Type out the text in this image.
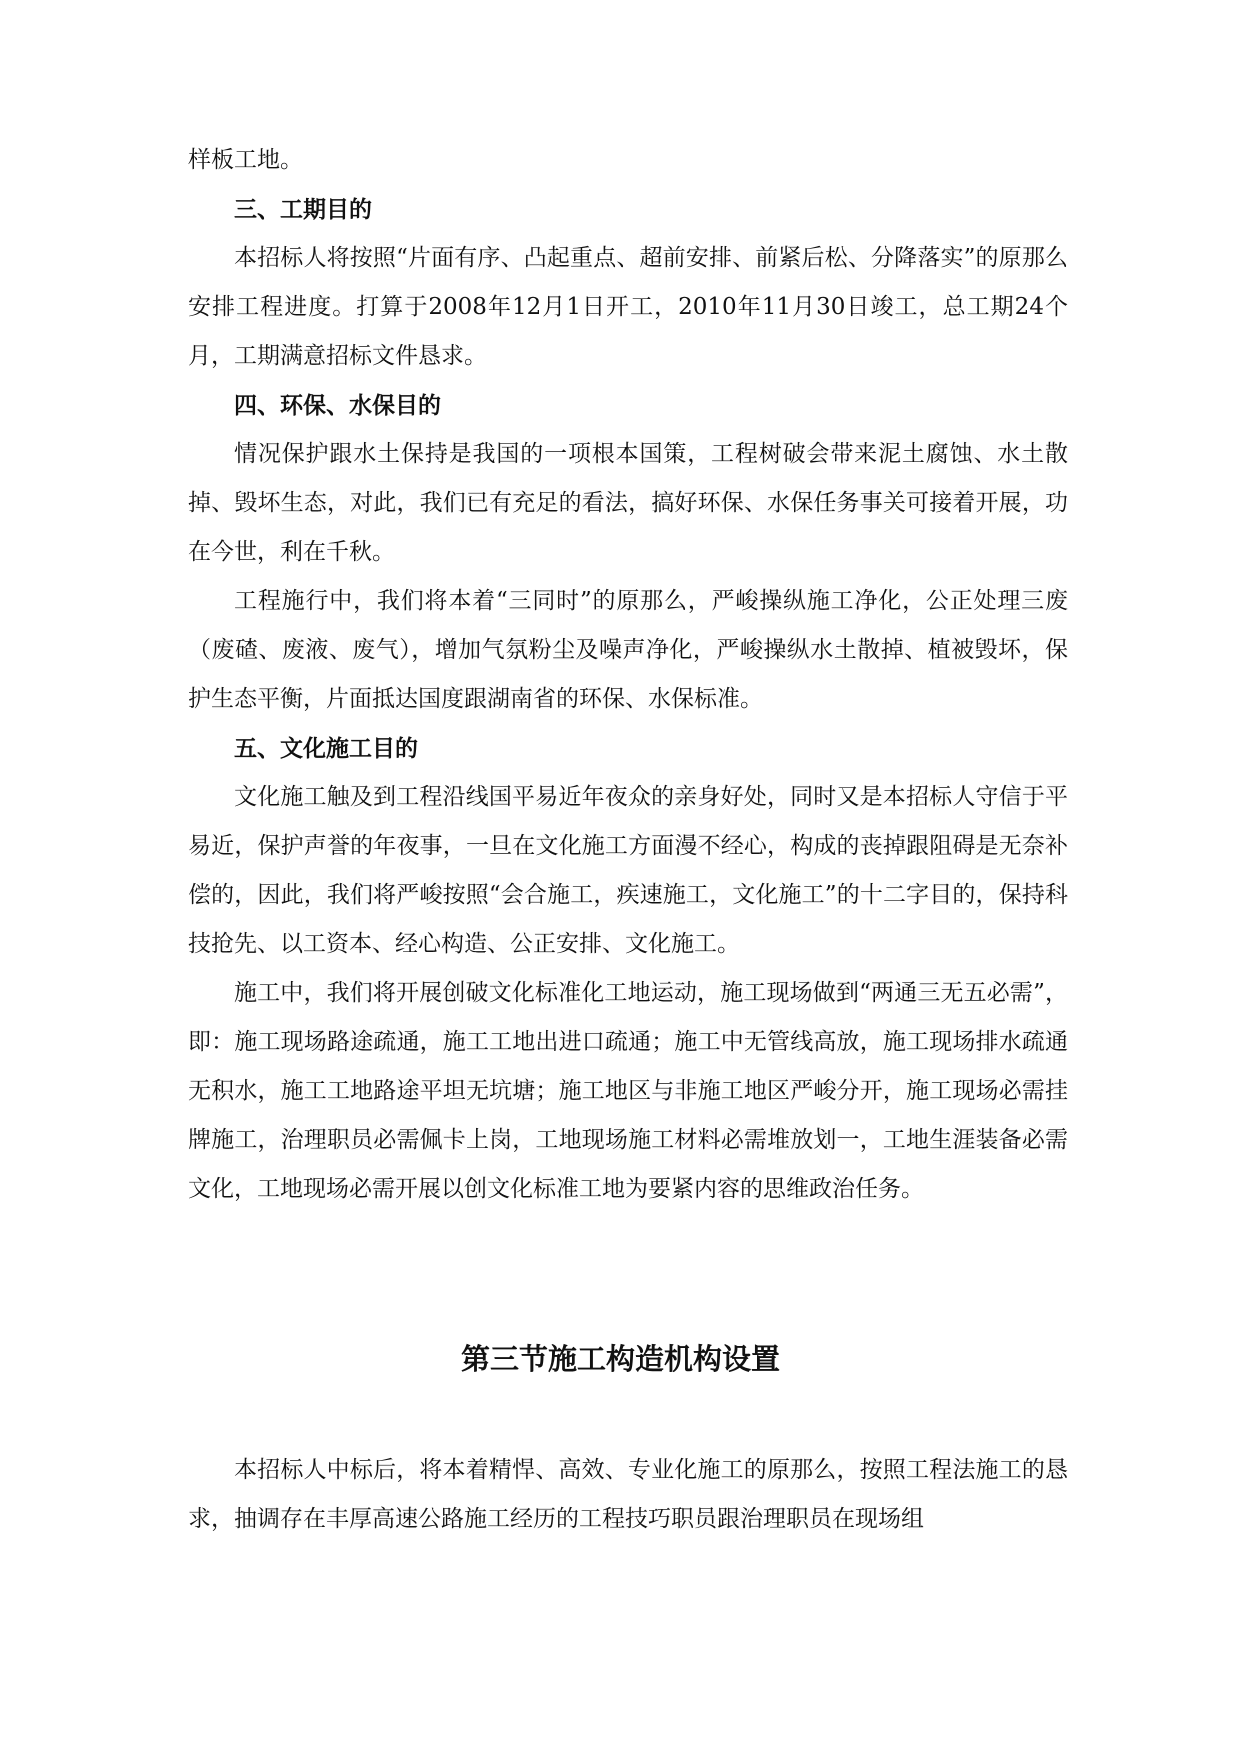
样板工地。

三、工期目的

本招标人将按照“片面有序、凸起重点、超前安排、前紧后松、分降落实”的原那么安排工程进度。打算于2008年12月1日开工，2010年11月30日竣工，总工期24个月，工期满意招标文件恳求。

四、环保、水保目的

情况保护跟水土保持是我国的一项根本国策，工程树破会带来泥土腐蚀、水土散掉、毁坏生态，对此，我们已有充足的看法，搞好环保、水保任务事关可接着开展，功在今世，利在千秋。

工程施行中，我们将本着“三同时”的原那么，严峻操纵施工净化，公正处理三废（废碴、废液、废气），增加气氛粉尘及噪声净化，严峻操纵水土散掉、植被毁坏，保护生态平衡，片面抵达国度跟湖南省的环保、水保标准。

五、文化施工目的

文化施工触及到工程沿线国平易近年夜众的亲身好处，同时又是本招标人守信于平易近，保护声誉的年夜事，一旦在文化施工方面漫不经心，构成的丧掉跟阻碍是无奈补偿的，因此，我们将严峻按照“会合施工，疾速施工，文化施工”的十二字目的，保持科技抢先、以工资本、经心构造、公正安排、文化施工。

施工中，我们将开展创破文化标准化工地运动，施工现场做到“两通三无五必需”，即：施工现场路途疏通，施工工地出进口疏通；施工中无管线高放，施工现场排水疏通无积水，施工工地路途平坦无坑塘；施工地区与非施工地区严峻分开，施工现场必需挂牌施工，治理职员必需佩卡上岗，工地现场施工材料必需堆放划一，工地生涯装备必需文化，工地现场必需开展以创文化标准工地为要紧内容的思维政治任务。

第三节施工构造机构设置

本招标人中标后，将本着精悍、高效、专业化施工的原那么，按照工程法施工的恳求，抽调存在丰厚高速公路施工经历的工程技巧职员跟治理职员在现场组
